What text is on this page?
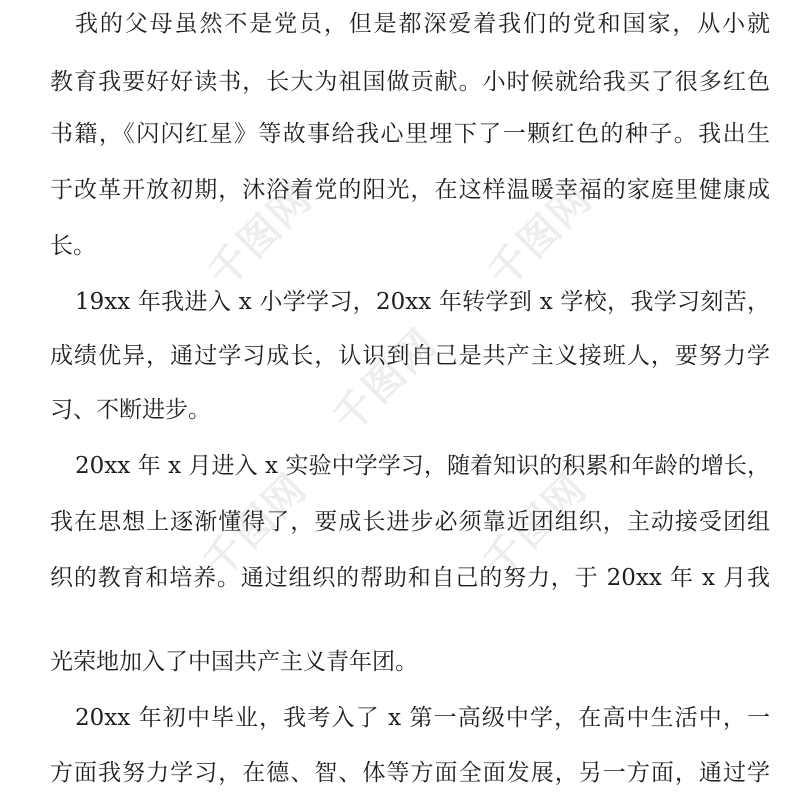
千图网	千图网
千图网
千图网	千图网
我的父母虽然不是党员，但是都深爱着我们的党和国家，从小就
教育我要好好读书，长大为祖国做贡献。小时候就给我买了很多红色
书籍，《闪闪红星》等故事给我心里埋下了一颗红色的种子。我出生
于改革开放初期，沐浴着党的阳光，在这样温暖幸福的家庭里健康成
长。
19xx 年我进入 x 小学学习，20xx 年转学到 x 学校，我学习刻苦，
成绩优异，通过学习成长，认识到自己是共产主义接班人，要努力学
习、不断进步。
20xx 年 x 月进入 x 实验中学学习，随着知识的积累和年龄的增长，
我在思想上逐渐懂得了，要成长进步必须靠近团组织，主动接受团组
织的教育和培养。通过组织的帮助和自己的努力，于 20xx 年 x 月我
光荣地加入了中国共产主义青年团。
20xx 年初中毕业，我考入了 x 第一高级中学，在高中生活中，一
方面我努力学习，在德、智、体等方面全面发展，另一方面，通过学
